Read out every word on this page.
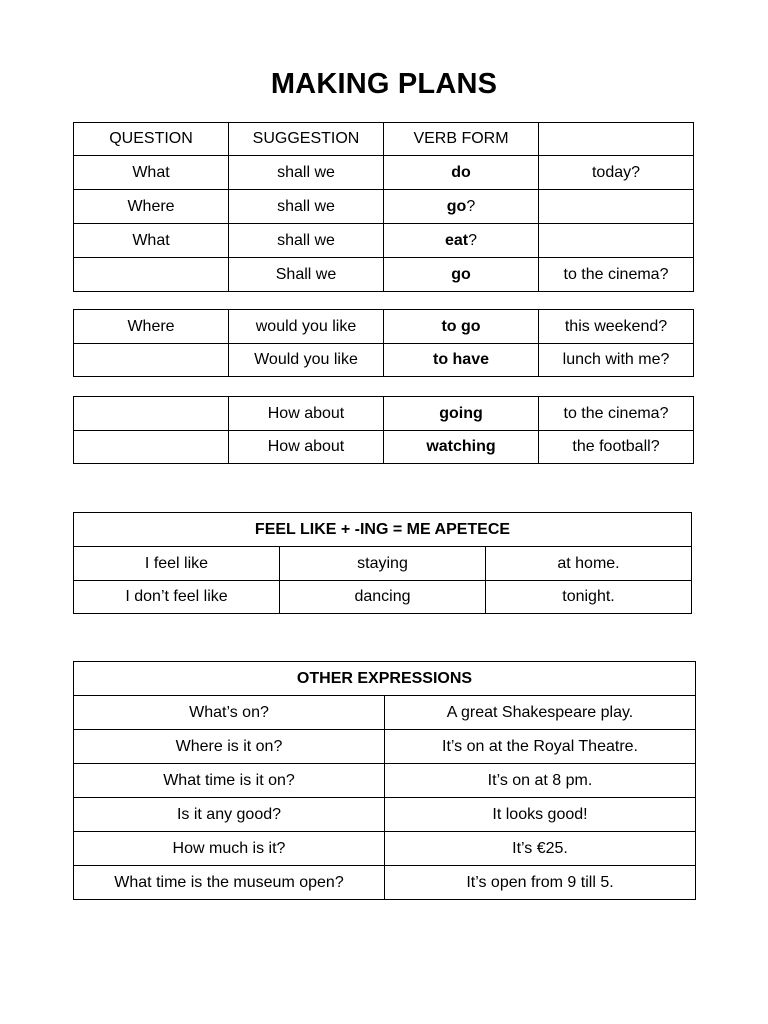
MAKING PLANS
QUESTION	SUGGESTION	VERB FORM	
What	shall we	do	today?
Where	shall we	go?	
What	shall we	eat?	
	Shall we	go	to the cinema?
Where	would you like	to go	this weekend?
	Would you like	to have	lunch with me?
	How about	going	to the cinema?
	How about	watching	the football?
FEEL LIKE + -ING = ME APETECE		
I feel like	staying	at home.
I don’t feel like	dancing	tonight.
OTHER EXPRESSIONS	
What’s on?	A great Shakespeare play.
Where is it on?	It’s on at the Royal Theatre.
What time is it on?	It’s on at 8 pm.
Is it any good?	It looks good!
How much is it?	It’s €25.
What time is the museum open?	It’s open from 9 till 5.
